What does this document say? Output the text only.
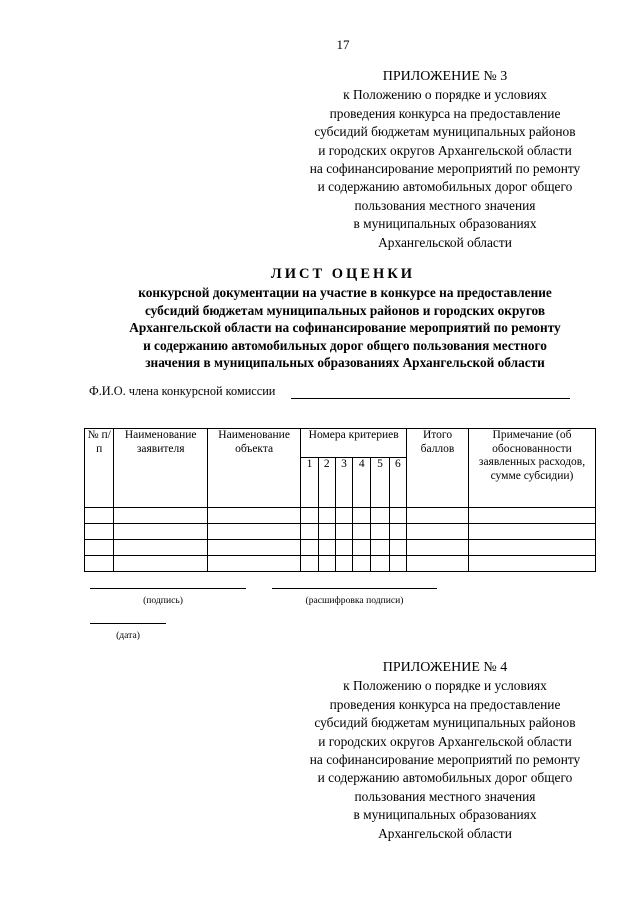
17
ПРИЛОЖЕНИЕ № 3
к Положению о порядке и условиях
проведения конкурса на предоставление
субсидий бюджетам муниципальных районов
и городских округов Архангельской области
на софинансирование мероприятий по ремонту
и содержанию автомобильных дорог общего
пользования местного значения
в муниципальных образованиях
Архангельской области
ЛИСТ ОЦЕНКИ
конкурсной документации на участие в конкурсе на предоставление
субсидий бюджетам муниципальных районов и городских округов
Архангельской области на софинансирование мероприятий по ремонту
и содержанию автомобильных дорог общего пользования местного
значения в муниципальных образованиях Архангельской области
Ф.И.О. члена конкурсной комиссии
№ п/п	Наименование заявителя	Наименование объекта	Номера критериев						Итого баллов	Примечание (об обоснованности заявленных расходов, сумме субсидии)
			1	2	3	4	5	6		

(подпись)	(расшифровка подписи)
(дата)
ПРИЛОЖЕНИЕ № 4
к Положению о порядке и условиях
проведения конкурса на предоставление
субсидий бюджетам муниципальных районов
и городских округов Архангельской области
на софинансирование мероприятий по ремонту
и содержанию автомобильных дорог общего
пользования местного значения
в муниципальных образованиях
Архангельской области
